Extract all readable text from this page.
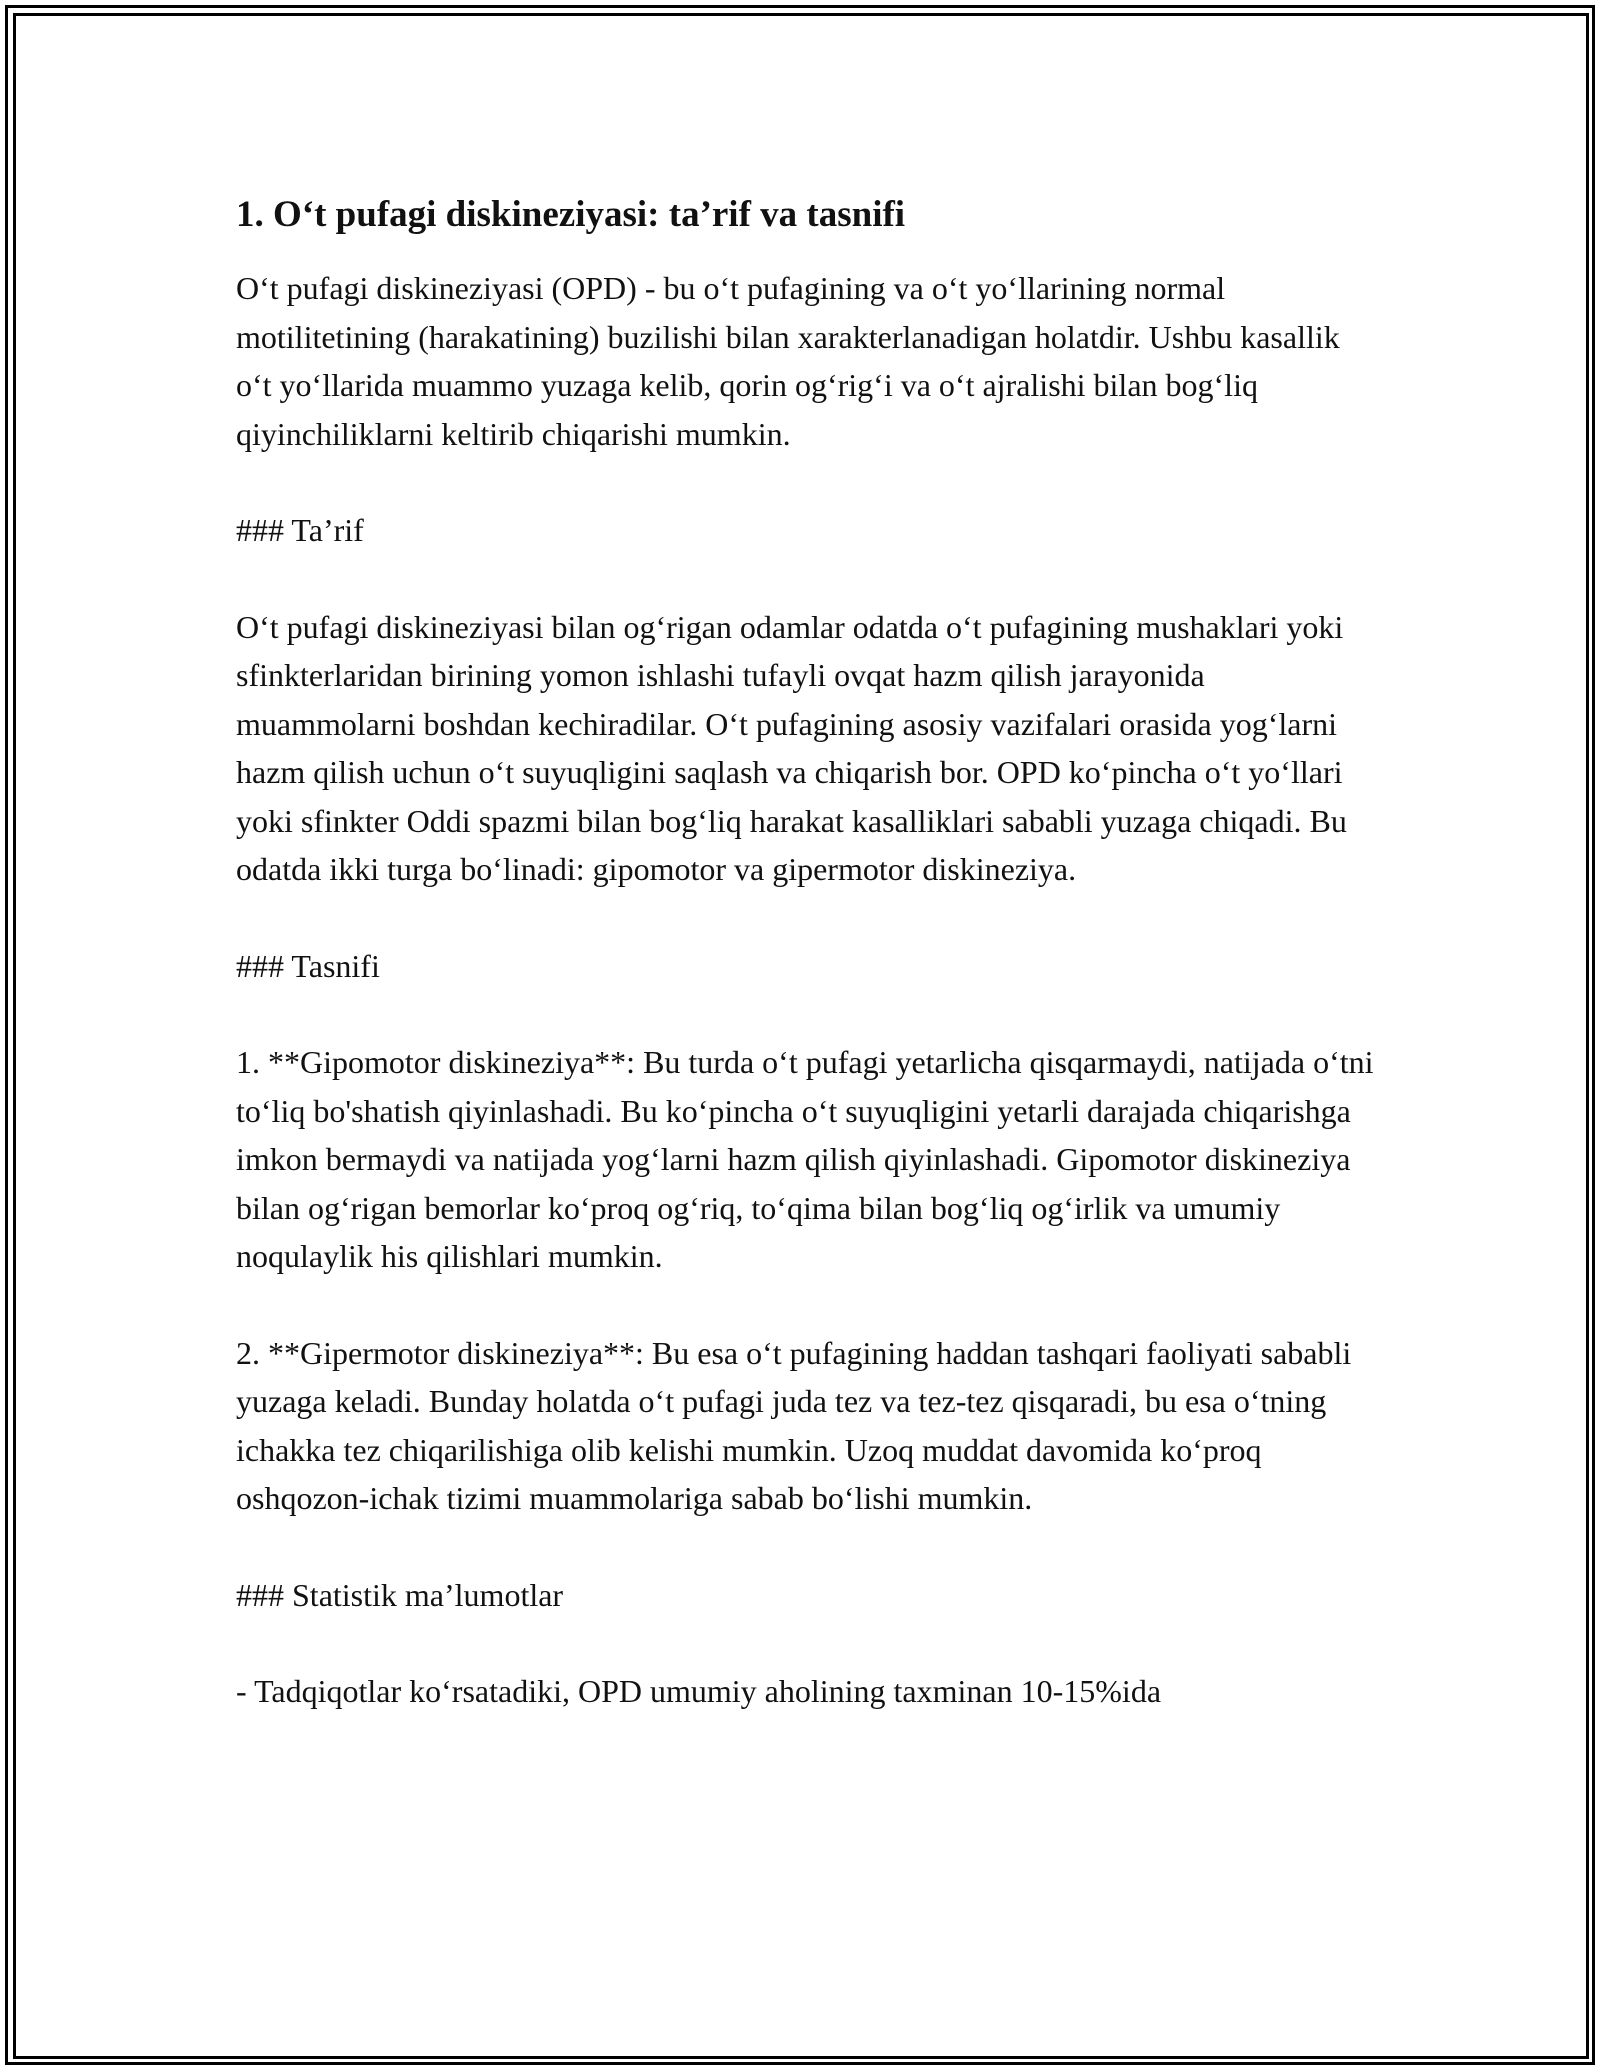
1. O‘t pufagi diskineziyasi: ta’rif va tasnifi

O‘t pufagi diskineziyasi (OPD) - bu o‘t pufagining va o‘t yo‘llarining normal motilitetining (harakatining) buzilishi bilan xarakterlanadigan holatdir. Ushbu kasallik o‘t yo‘llarida muammo yuzaga kelib, qorin og‘rig‘i va o‘t ajralishi bilan bog‘liq qiyinchiliklarni keltirib chiqarishi mumkin.

### Ta’rif

O‘t pufagi diskineziyasi bilan og‘rigan odamlar odatda o‘t pufagining mushaklari yoki sfinkterlaridan birining yomon ishlashi tufayli ovqat hazm qilish jarayonida muammolarni boshdan kechiradilar. O‘t pufagining asosiy vazifalari orasida yog‘larni hazm qilish uchun o‘t suyuqligini saqlash va chiqarish bor. OPD ko‘pincha o‘t yo‘llari yoki sfinkter Oddi spazmi bilan bog‘liq harakat kasalliklari sababli yuzaga chiqadi. Bu odatda ikki turga bo‘linadi: gipomotor va gipermotor diskineziya.

### Tasnifi

1. **Gipomotor diskineziya**: Bu turda o‘t pufagi yetarlicha qisqarmaydi, natijada o‘tni to‘liq bo'shatish qiyinlashadi. Bu ko‘pincha o‘t suyuqligini yetarli darajada chiqarishga imkon bermaydi va natijada yog‘larni hazm qilish qiyinlashadi. Gipomotor diskineziya bilan og‘rigan bemorlar ko‘proq og‘riq, to‘qima bilan bog‘liq og‘irlik va umumiy noqulaylik his qilishlari mumkin.

2. **Gipermotor diskineziya**: Bu esa o‘t pufagining haddan tashqari faoliyati sababli yuzaga keladi. Bunday holatda o‘t pufagi juda tez va tez-tez qisqaradi, bu esa o‘tning ichakka tez chiqarilishiga olib kelishi mumkin. Uzoq muddat davomida ko‘proq oshqozon-ichak tizimi muammolariga sabab bo‘lishi mumkin.

### Statistik ma’lumotlar

- Tadqiqotlar ko‘rsatadiki, OPD umumiy aholining taxminan 10-15%ida
